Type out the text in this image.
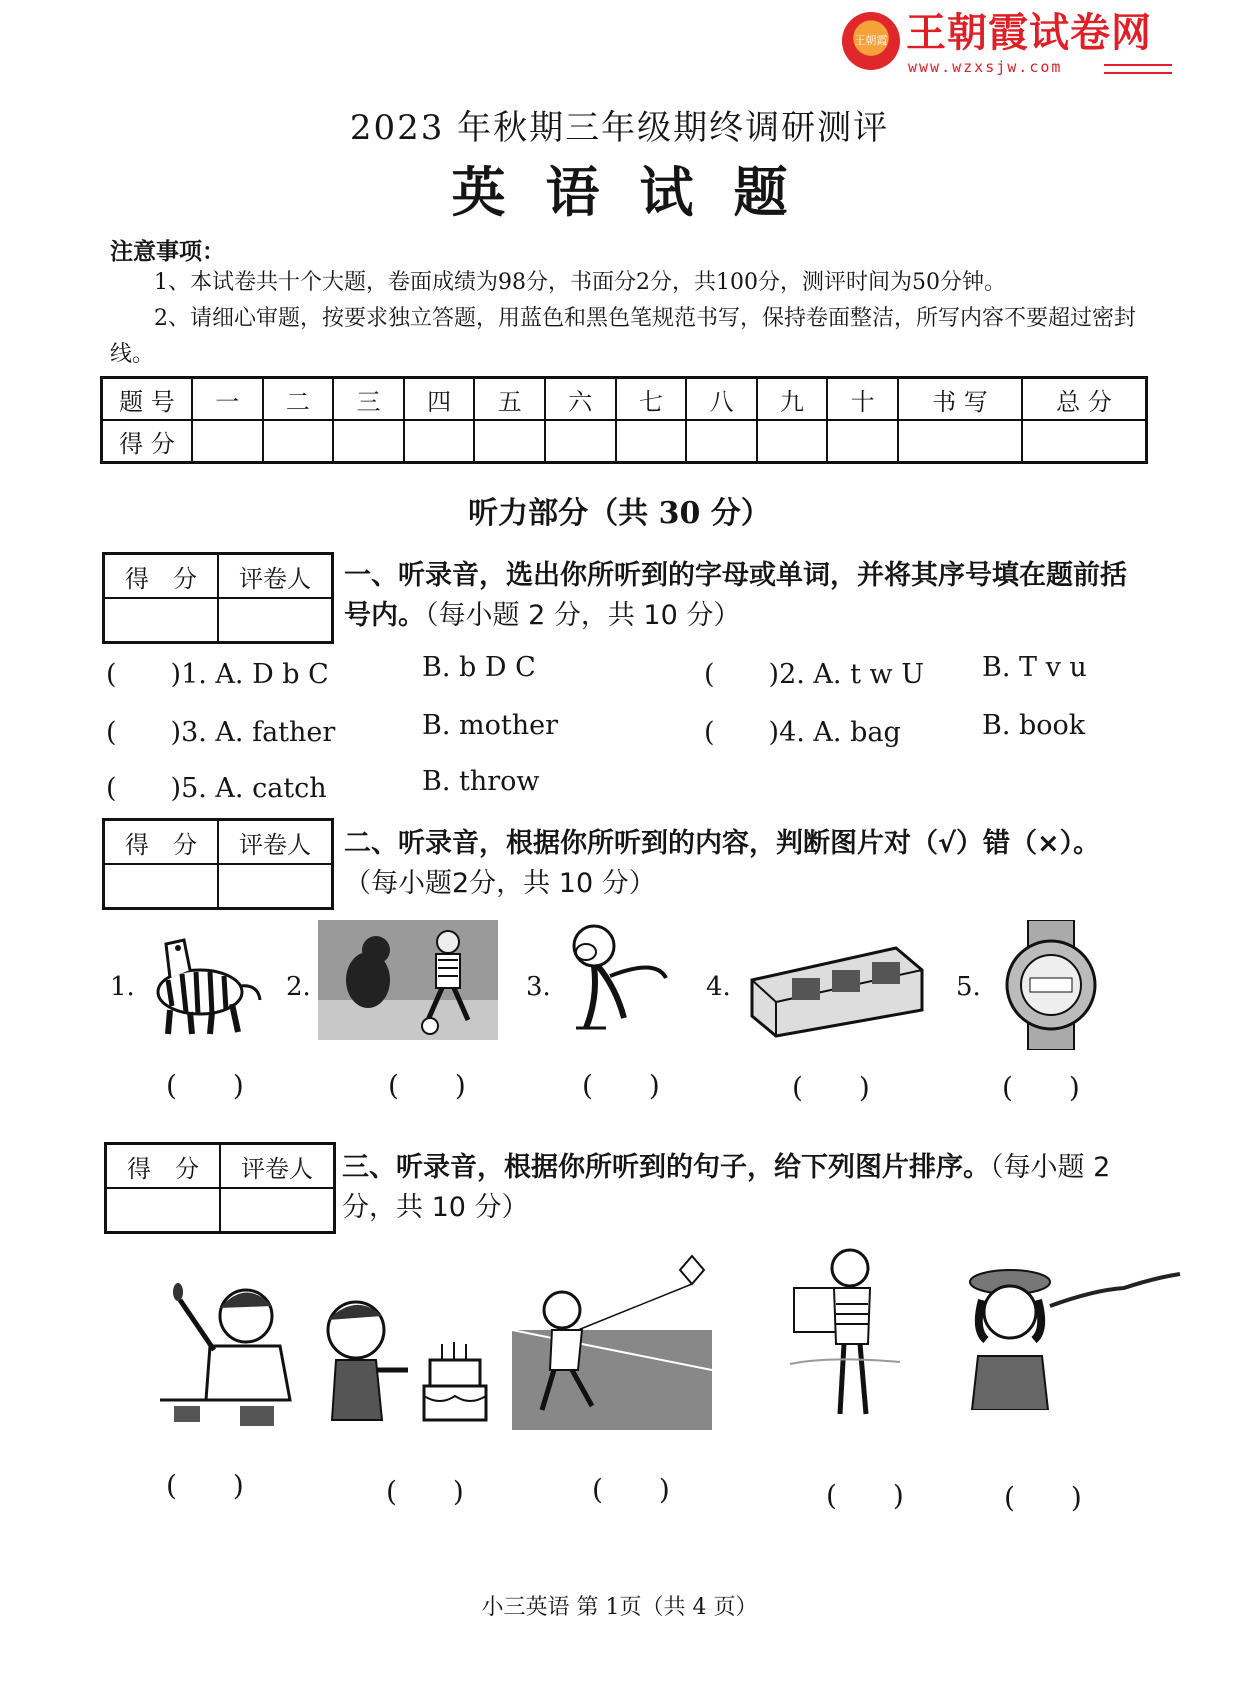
王朝霞 王朝霞试卷网
www.wzxsjw.com
2023 年秋期三年级期终调研测评
英语试题
注意事项：
1、本试卷共十个大题，卷面成绩为98分，书面分2分，共100分，测评时间为50分钟。
2、请细心审题，按要求独立答题，用蓝色和黑色笔规范书写，保持卷面整洁，所写内容不要超过密封线。
题 号	一	二	三	四	五	六	七	八	九	十	书 写	总 分
得 分												
听力部分（共 30 分）
得　分	评卷人
	一、听录音，选出你所听到的字母或单词，并将其序号填在题前括号内。（每小题 2 分，共 10 分）
(　　)1. A. D b C	B. b D C	(　　)2. A. t w U B. T v u
(　　)3. A. father	B. mother	(　　)4. A. bag	B. book
(　　)5. A. catch	B. throw
得　分	评卷人
	二、听录音，根据你所听到的内容，判断图片对（√）错（×）。
（每小题2分，共 10 分）
1.	2.	3.	4.	5.
(　　)	(　　)	(　　)	(　　)	(　　)
得　分	评卷人
	三、听录音，根据你所听到的句子，给下列图片排序。（每小题 2 分，共 10 分）
(　　)	(　　)	(　　)	(　　)	(　　)
小三英语 第 1页（共 4 页）
